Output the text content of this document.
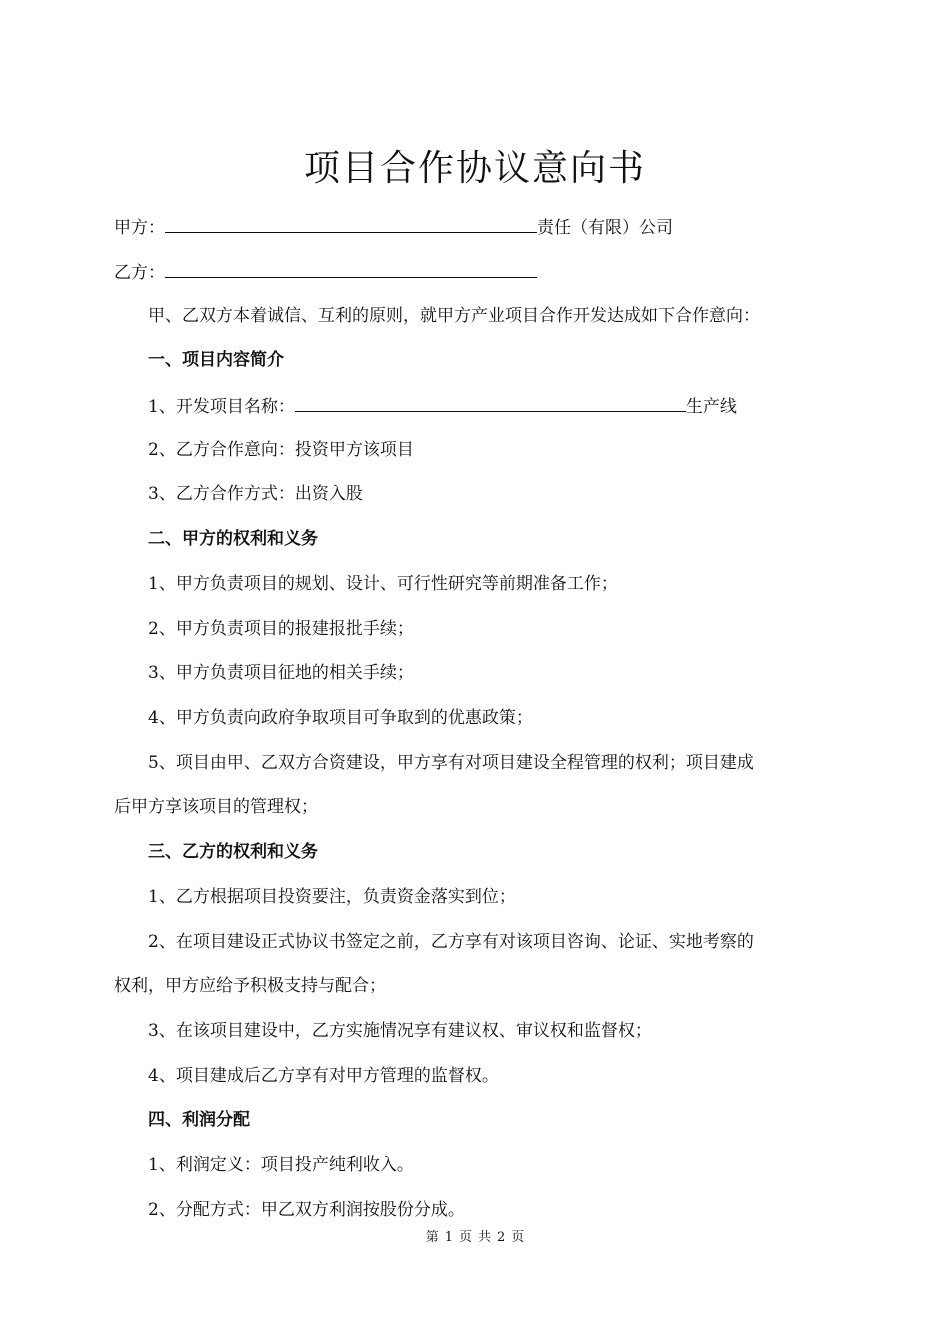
项目合作协议意向书
甲方：	责任（有限）公司
乙方：
甲、乙双方本着诚信、互利的原则，就甲方产业项目合作开发达成如下合作意向：
一、项目内容简介
1、开发项目名称：	生产线
2、乙方合作意向：投资甲方该项目
3、乙方合作方式：出资入股
二、甲方的权利和义务
1、甲方负责项目的规划、设计、可行性研究等前期准备工作；
2、甲方负责项目的报建报批手续；
3、甲方负责项目征地的相关手续；
4、甲方负责向政府争取项目可争取到的优惠政策；
5、项目由甲、乙双方合资建设，甲方享有对项目建设全程管理的权利；项目建成
后甲方享该项目的管理权；
三、乙方的权利和义务
1、乙方根据项目投资要注，负责资金落实到位；
2、在项目建设正式协议书签定之前，乙方享有对该项目咨询、论证、实地考察的
权利，甲方应给予积极支持与配合；
3、在该项目建设中，乙方实施情况享有建议权、审议权和监督权；
4、项目建成后乙方享有对甲方管理的监督权。
四、利润分配
1、利润定义：项目投产纯利收入。
2、分配方式：甲乙双方利润按股份分成。
第 1 页 共 2 页
